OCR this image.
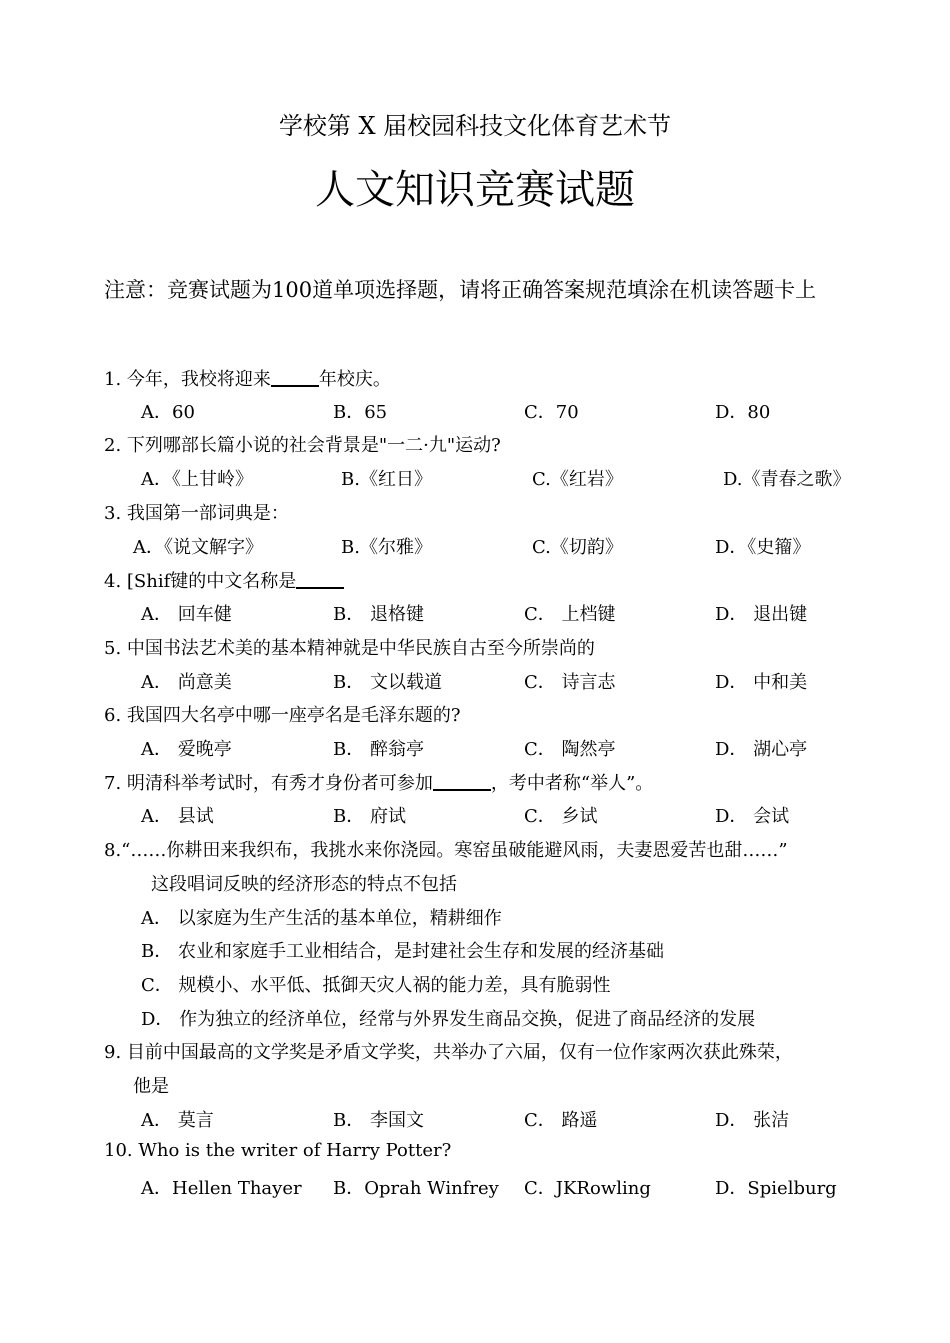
学校第 X 届校园科技文化体育艺术节
人文知识竞赛试题
注意：竞赛试题为100道单项选择题，请将正确答案规范填涂在机读答题卡上
1. 今年，我校将迎来	年校庆。
A．60	B．65	C．70	D．80
2. 下列哪部长篇小说的社会背景是"一二·九"运动?
A．《上甘岭》	B.《红日》	C.《红岩》	D.《青春之歌》
3. 我国第一部词典是：
A．《说文解字》	B.《尔雅》	C.《切韵》	D．《史籀》
4. [Shif键的中文名称是
A． 回车健	B． 退格键	C． 上档键	D． 退出键
5. 中国书法艺术美的基本精神就是中华民族自古至今所崇尚的
A． 尚意美	B． 文以载道	C． 诗言志	D． 中和美
6. 我国四大名亭中哪一座亭名是毛泽东题的?
A． 爱晚亭	B． 醉翁亭	C． 陶然亭	D． 湖心亭
7. 明清科举考试时，有秀才身份者可参加	，考中者称“举人”。
A． 县试	B． 府试	C． 乡试	D． 会试
8.“……你耕田来我织布，我挑水来你浇园。寒窑虽破能避风雨，夫妻恩爱苦也甜……”
这段唱词反映的经济形态的特点不包括
A． 以家庭为生产生活的基本单位，精耕细作
B． 农业和家庭手工业相结合，是封建社会生存和发展的经济基础
C． 规模小、水平低、抵御天灾人祸的能力差，具有脆弱性
D． 作为独立的经济单位，经常与外界发生商品交换，促进了商品经济的发展
9. 目前中国最高的文学奖是矛盾文学奖，共举办了六届，仅有一位作家两次获此殊荣，
他是
A． 莫言	B． 李国文	C． 路遥	D． 张洁
10. Who is the writer of Harry Potter?
A．Hellen Thayer B．Oprah Winfrey C．JKRowling	D．Spielburg
